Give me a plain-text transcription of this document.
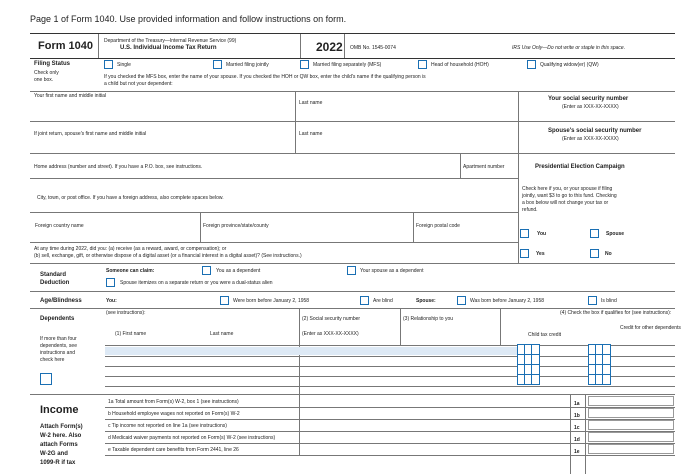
Page 1 of Form 1040. Use provided information and follow instructions on form.
Form 1040 Department of the Treasury—Internal Revenue Service (99)
U.S. Individual Income Tax Return	2022 OMB No. 1545-0074	IRS Use Only—Do not write or staple in this space.
Filing Status
Check only
one box.
Single	Married filing jointly	Married filing separately (MFS)	Head of household (HOH)	Qualifying widow(er) (QW)
If you checked the MFS box, enter the name of your spouse. If you checked the HOH or QW box, enter the child's name if the qualifying person is
a child but not your dependent:
Your first name and middle initial
Last name
Your social security number
(Enter as XXX-XX-XXXX)
If joint return, spouse's first name and middle initial	Last name	Spouse's social security number
(Enter as XXX-XX-XXXX)
Home address (number and street). If you have a P.O. box, see instructions.	Apartment number	Presidential Election Campaign
City, town, or post office. If you have a foreign address, also complete spaces below.
Check here if you, or your spouse if filing
jointly, want $3 to go to this fund. Checking
a box below will not change your tax or
refund.
Foreign country name	Foreign province/state/county	Foreign postal code
You	Spouse
At any time during 2022, did you: (a) receive (as a reward, award, or compensation); or
(b) sell, exchange, gift, or otherwise dispose of a digital asset (or a financial interest in a digital asset)? (See instructions.)	Yes	No
Standard
Deduction
Someone can claim:	You as a dependent	Your spouse as a dependent
Spouse itemizes on a separate return or you were a dual-status alien
Age/Blindness	You:	Were born before January 2, 1958	Are blind	Spouse:	Was born before January 2, 1958	Is blind
Dependents
(see instructions):
(1) First name	Last name
(2) Social security number
(Enter as XXX-XX-XXXX)
(3) Relationship to you
(4) Check the box if qualifies for (see instructions):
Child tax credit
Credit for other dependents
If more than four
dependents, see
instructions and
check here
Income
Attach Form(s)
W-2 here. Also
attach Forms
W-2G and
1099-R if tax
1a Total amount from Form(s) W-2, box 1 (see instructions)
b Household employee wages not reported on Form(s) W-2
c Tip income not reported on line 1a (see instructions)
d Medicaid waiver payments not reported on Form(s) W-2 (see instructions)
e Taxable dependent care benefits from Form 2441, line 26
1a
1b
1c
1d
1e
